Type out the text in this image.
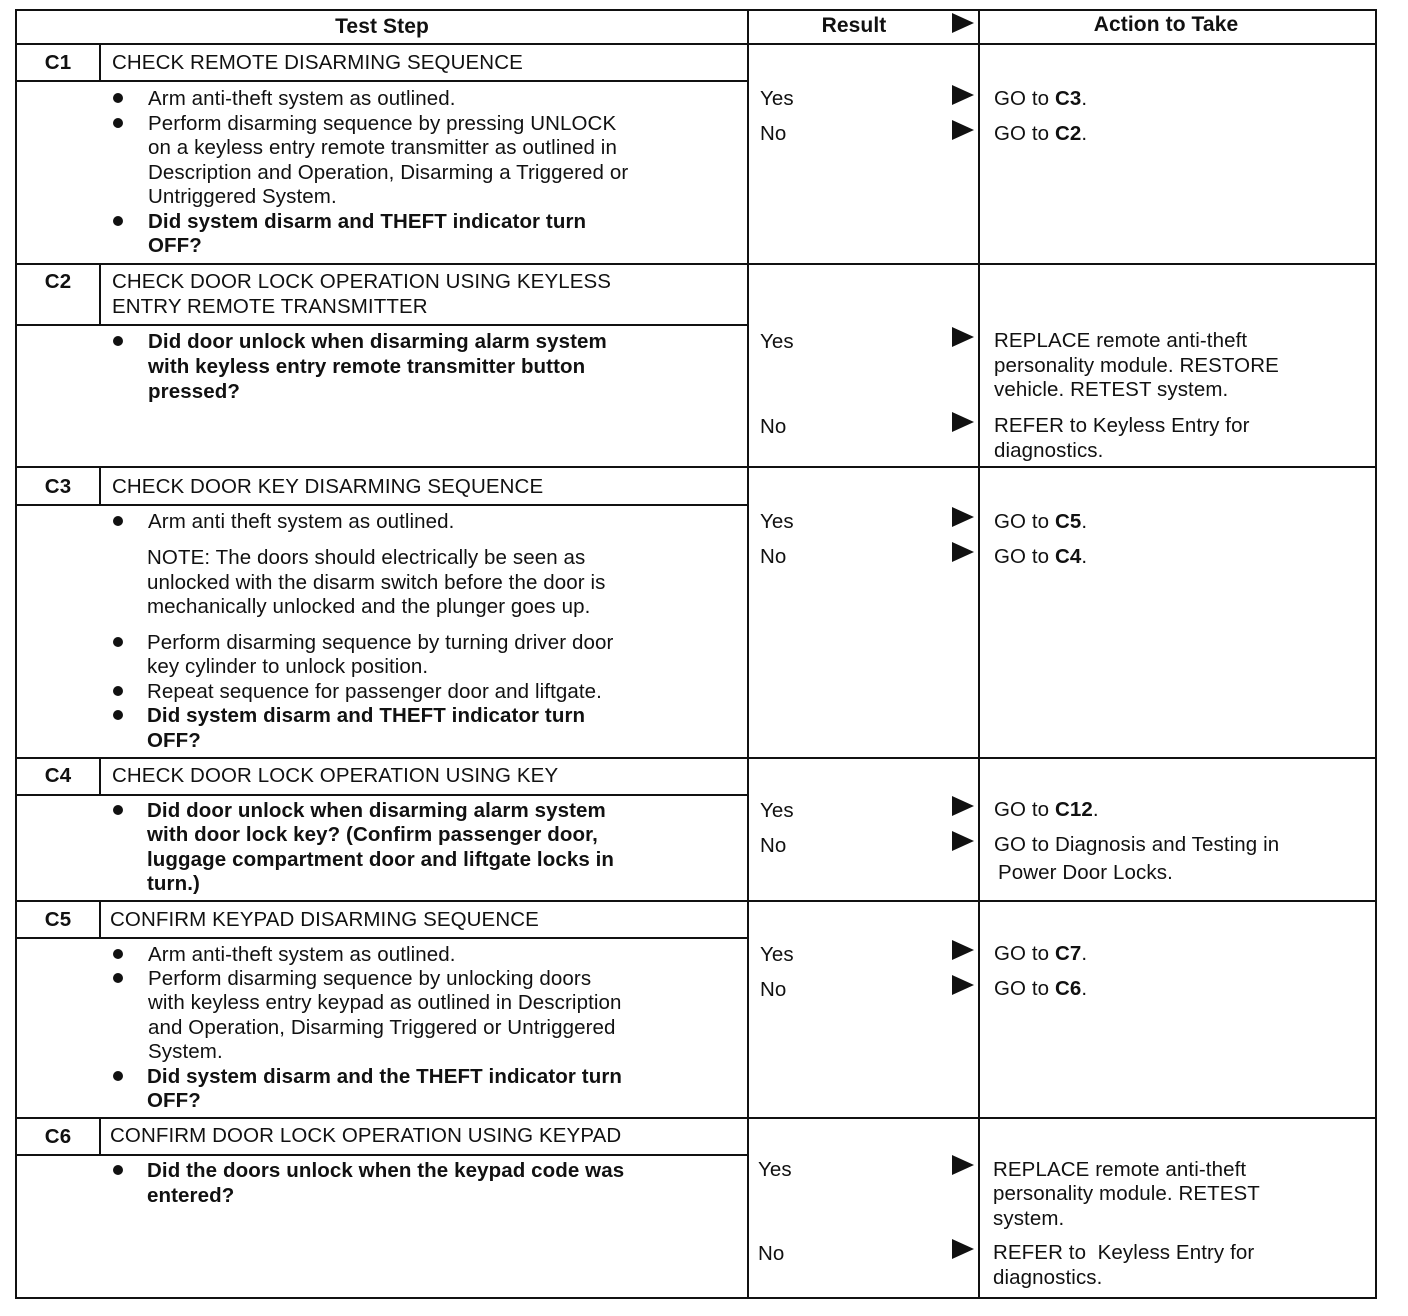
Test Step	Result	Action to Take
C1	CHECK REMOTE DISARMING SEQUENCE
Arm anti-theft system as outlined.
Perform disarming sequence by pressing UNLOCK
on a keyless entry remote transmitter as outlined in
Description and Operation, Disarming a Triggered or
Untriggered System.
Did system disarm and THEFT indicator turn
OFF?
Yes	GO to C3.
No	GO to C2.
C2	CHECK DOOR LOCK OPERATION USING KEYLESS
ENTRY REMOTE TRANSMITTER
Did door unlock when disarming alarm system
with keyless entry remote transmitter button
pressed?
Yes	REPLACE remote anti-theft
personality module. RESTORE
vehicle. RETEST system.
No	REFER to Keyless Entry for
diagnostics.
C3	CHECK DOOR KEY DISARMING SEQUENCE
Arm anti theft system as outlined.
NOTE: The doors should electrically be seen as
unlocked with the disarm switch before the door is
mechanically unlocked and the plunger goes up.
Perform disarming sequence by turning driver door
key cylinder to unlock position.
Repeat sequence for passenger door and liftgate.
Did system disarm and THEFT indicator turn
OFF?
Yes	GO to C5.
No	GO to C4.
C4	CHECK DOOR LOCK OPERATION USING KEY
Did door unlock when disarming alarm system
with door lock key? (Confirm passenger door,
luggage compartment door and liftgate locks in
turn.)
Yes	GO to C12.
No	GO to Diagnosis and Testing in
Power Door Locks.
C5	CONFIRM KEYPAD DISARMING SEQUENCE
Arm anti-theft system as outlined.
Perform disarming sequence by unlocking doors
with keyless entry keypad as outlined in Description
and Operation, Disarming Triggered or Untriggered
System.
Did system disarm and the THEFT indicator turn
OFF?
Yes	GO to C7.
No	GO to C6.
C6	CONFIRM DOOR LOCK OPERATION USING KEYPAD
Did the doors unlock when the keypad code was
entered?
Yes	REPLACE remote anti-theft
personality module. RETEST
system.
No	REFER to  Keyless Entry for
diagnostics.
